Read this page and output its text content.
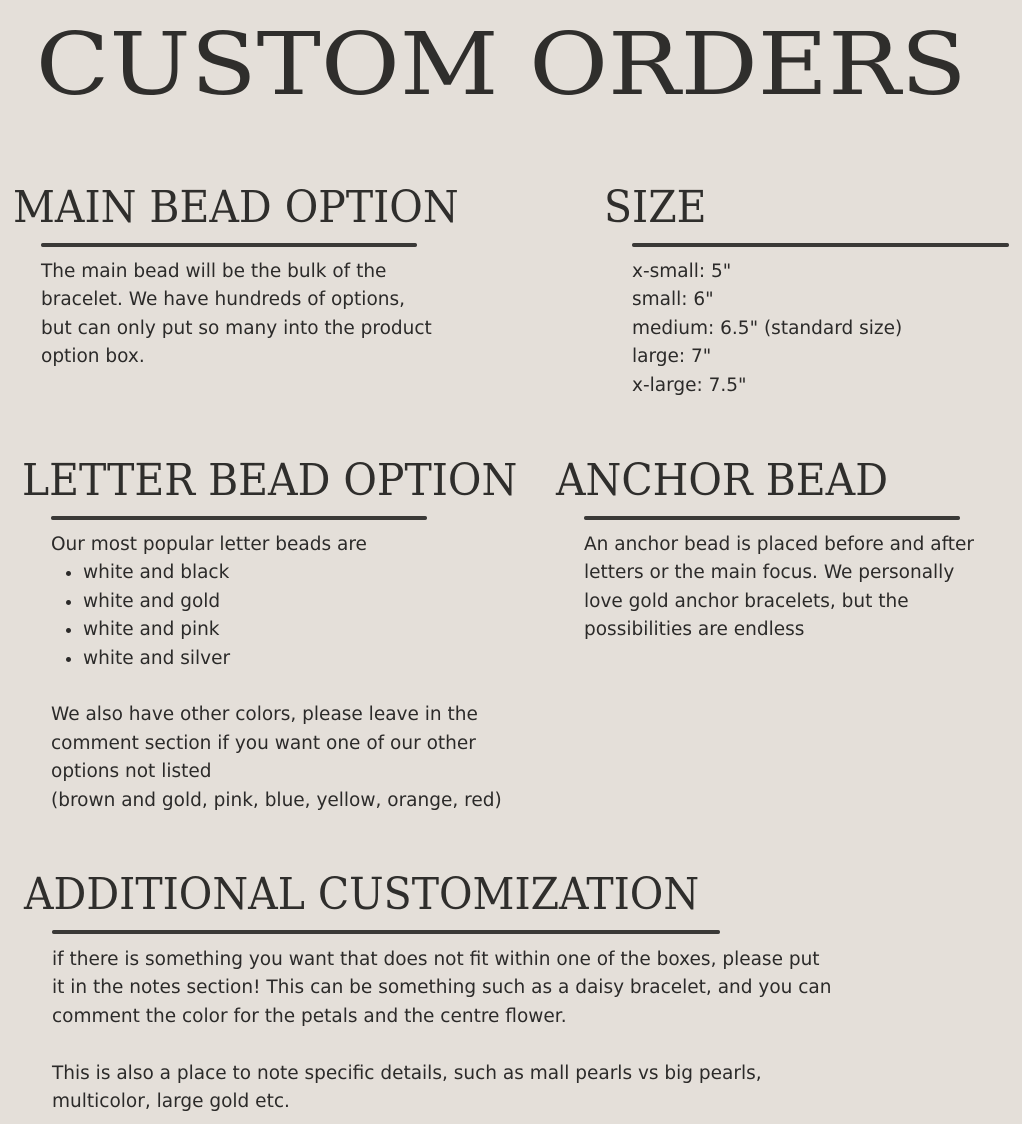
CUSTOM ORDERS
MAIN BEAD OPTION

The main bead will be the bulk of the

bracelet. We have hundreds of options,

but can only put so many into the product

option box.

SIZE

x-small: 5"

small: 6"

medium: 6.5" (standard size)

large: 7"

x-large: 7.5"

LETTER BEAD OPTION

Our most popular letter beads are

• white and black
• white and gold
• white and pink
• white and silver

We also have other colors, please leave in the

comment section if you want one of our other

options not listed

(brown and gold, pink, blue, yellow, orange, red)

ANCHOR BEAD

An anchor bead is placed before and after

letters or the main focus. We personally

love gold anchor bracelets, but the

possibilities are endless

ADDITIONAL CUSTOMIZATION

if there is something you want that does not fit within one of the boxes, please put

it in the notes section! This can be something such as a daisy bracelet, and you can

comment the color for the petals and the centre flower.

This is also a place to note specific details, such as mall pearls vs big pearls,

multicolor, large gold etc.
